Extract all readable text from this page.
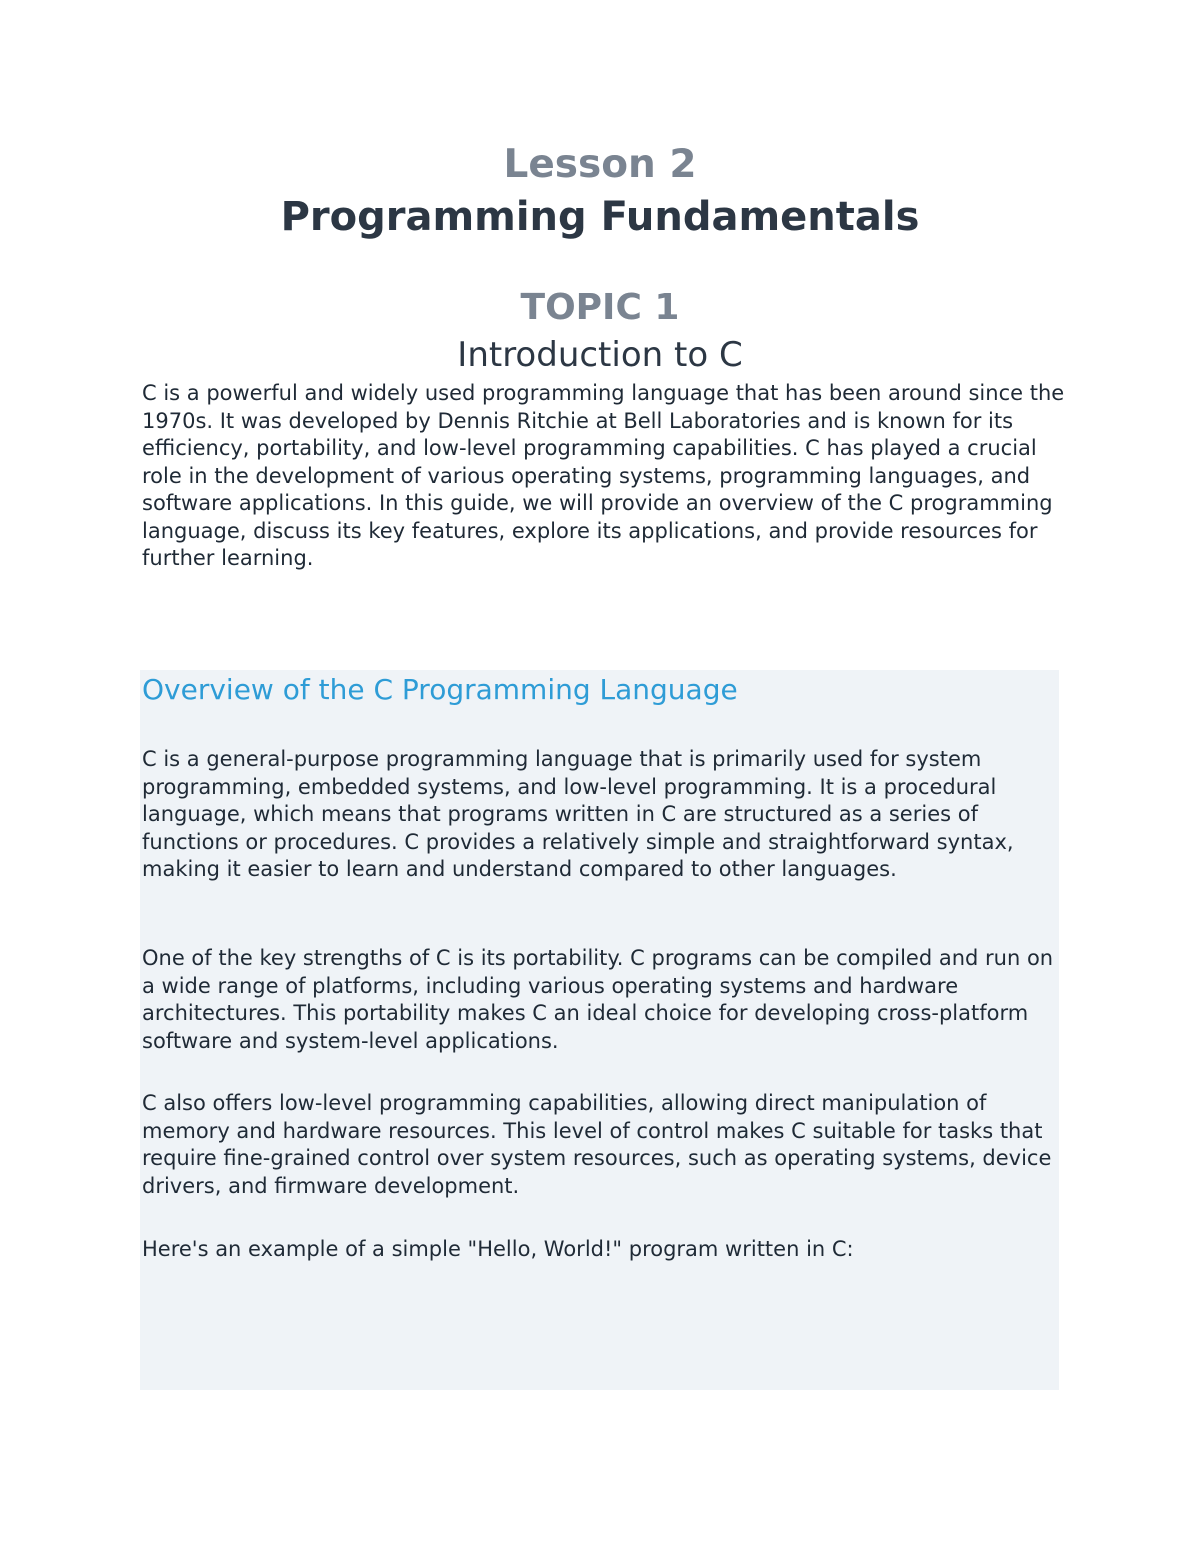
Lesson 2
Programming Fundamentals
TOPIC 1
Introduction to C

C is a powerful and widely used programming language that has been around since the 1970s. It was developed by Dennis Ritchie at Bell Laboratories and is known for its efficiency, portability, and low-level programming capabilities. C has played a crucial role in the development of various operating systems, programming languages, and software applications. In this guide, we will provide an overview of the C programming language, discuss its key features, explore its applications, and provide resources for further learning.

Overview of the C Programming Language

C is a general-purpose programming language that is primarily used for system programming, embedded systems, and low-level programming. It is a procedural language, which means that programs written in C are structured as a series of functions or procedures. C provides a relatively simple and straightforward syntax, making it easier to learn and understand compared to other languages.

One of the key strengths of C is its portability. C programs can be compiled and run on a wide range of platforms, including various operating systems and hardware architectures. This portability makes C an ideal choice for developing cross-platform software and system-level applications.

C also offers low-level programming capabilities, allowing direct manipulation of memory and hardware resources. This level of control makes C suitable for tasks that require fine-grained control over system resources, such as operating systems, device drivers, and firmware development.

Here's an example of a simple "Hello, World!" program written in C:
